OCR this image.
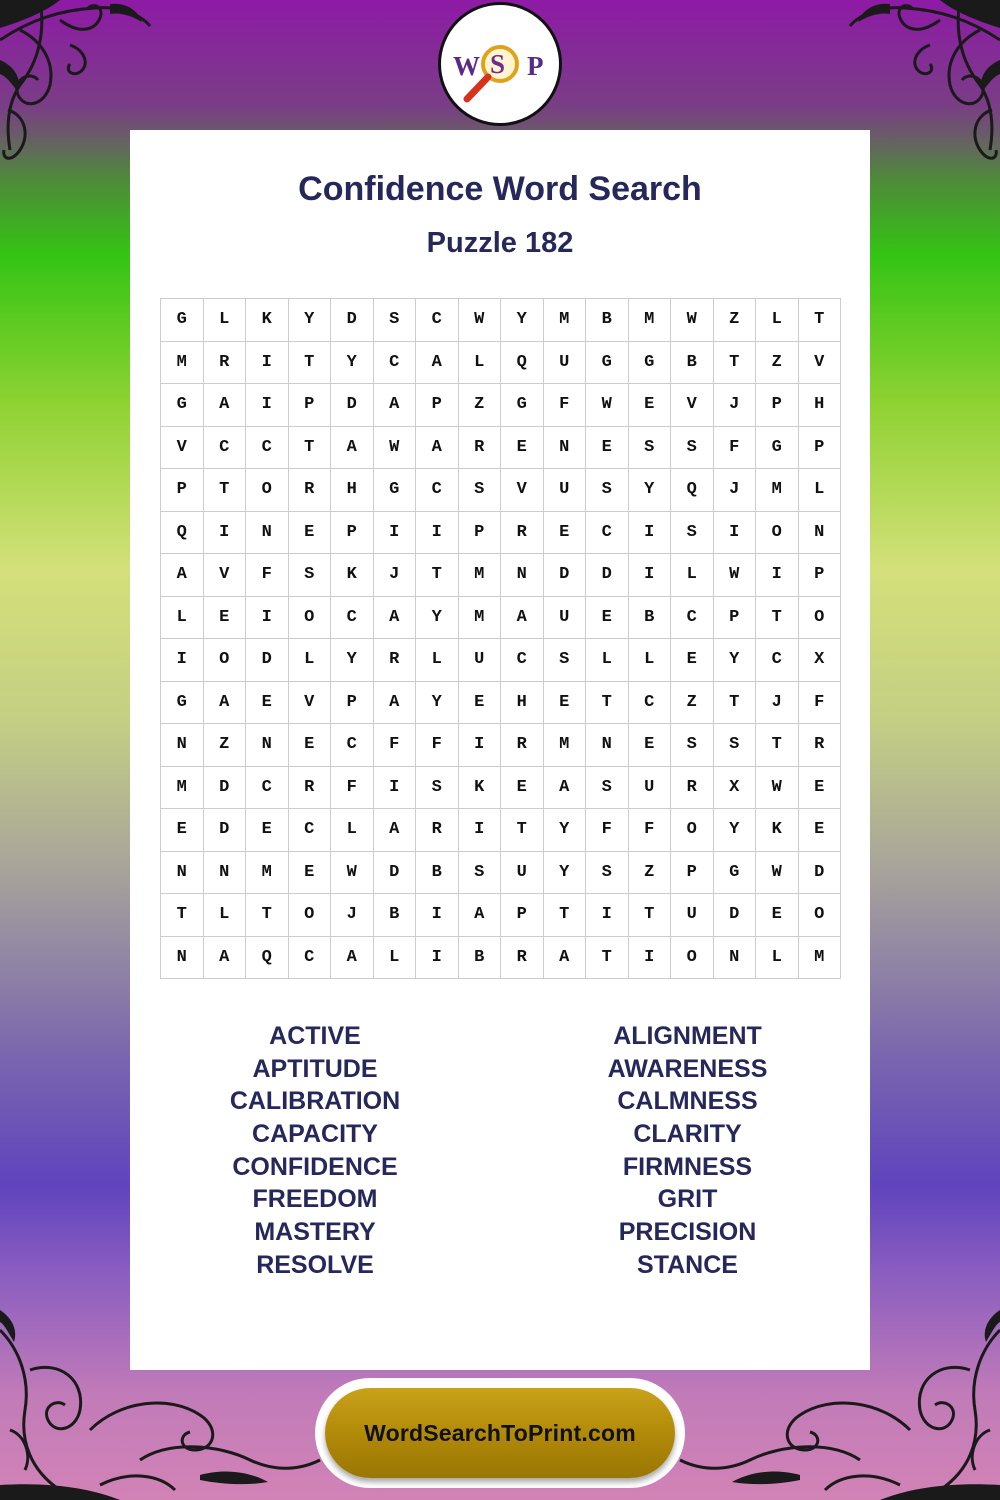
W S P
Confidence Word Search
Puzzle 182
G	L	K	Y	D	S	C	W	Y	M	B	M	W	Z	L	T
M	R	I	T	Y	C	A	L	Q	U	G	G	B	T	Z	V
G	A	I	P	D	A	P	Z	G	F	W	E	V	J	P	H
V	C	C	T	A	W	A	R	E	N	E	S	S	F	G	P
P	T	O	R	H	G	C	S	V	U	S	Y	Q	J	M	L
Q	I	N	E	P	I	I	P	R	E	C	I	S	I	O	N
A	V	F	S	K	J	T	M	N	D	D	I	L	W	I	P
L	E	I	O	C	A	Y	M	A	U	E	B	C	P	T	O
I	O	D	L	Y	R	L	U	C	S	L	L	E	Y	C	X
G	A	E	V	P	A	Y	E	H	E	T	C	Z	T	J	F
N	Z	N	E	C	F	F	I	R	M	N	E	S	S	T	R
M	D	C	R	F	I	S	K	E	A	S	U	R	X	W	E
E	D	E	C	L	A	R	I	T	Y	F	F	O	Y	K	E
N	N	M	E	W	D	B	S	U	Y	S	Z	P	G	W	D
T	L	T	O	J	B	I	A	P	T	I	T	U	D	E	O
N	A	Q	C	A	L	I	B	R	A	T	I	O	N	L	M
ACTIVE
APTITUDE
CALIBRATION
CAPACITY
CONFIDENCE
FREEDOM
MASTERY
RESOLVE
ALIGNMENT
AWARENESS
CALMNESS
CLARITY
FIRMNESS
GRIT
PRECISION
STANCE
WordSearchToPrint.com
